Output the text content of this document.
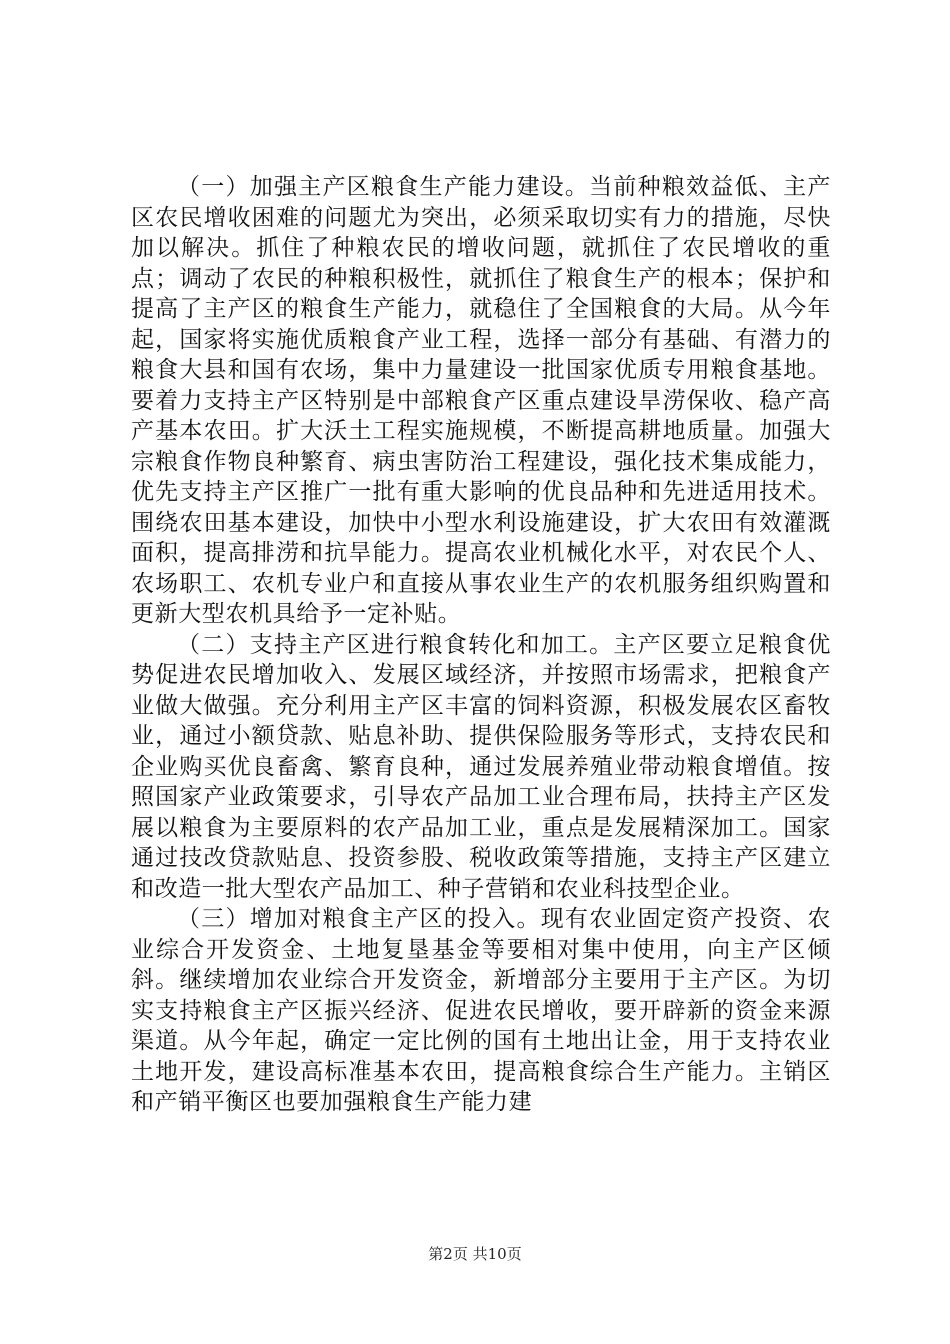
（一）加强主产区粮食生产能力建设。当前种粮效益低、主产区农民增收困难的问题尤为突出，必须采取切实有力的措施，尽快加以解决。抓住了种粮农民的增收问题，就抓住了农民增收的重点；调动了农民的种粮积极性，就抓住了粮食生产的根本；保护和提高了主产区的粮食生产能力，就稳住了全国粮食的大局。从今年起，国家将实施优质粮食产业工程，选择一部分有基础、有潜力的粮食大县和国有农场，集中力量建设一批国家优质专用粮食基地。要着力支持主产区特别是中部粮食产区重点建设旱涝保收、稳产高产基本农田。扩大沃土工程实施规模，不断提高耕地质量。加强大宗粮食作物良种繁育、病虫害防治工程建设，强化技术集成能力，优先支持主产区推广一批有重大影响的优良品种和先进适用技术。围绕农田基本建设，加快中小型水利设施建设，扩大农田有效灌溉面积，提高排涝和抗旱能力。提高农业机械化水平，对农民个人、农场职工、农机专业户和直接从事农业生产的农机服务组织购置和更新大型农机具给予一定补贴。

（二）支持主产区进行粮食转化和加工。主产区要立足粮食优势促进农民增加收入、发展区域经济，并按照市场需求，把粮食产业做大做强。充分利用主产区丰富的饲料资源，积极发展农区畜牧业，通过小额贷款、贴息补助、提供保险服务等形式，支持农民和企业购买优良畜禽、繁育良种，通过发展养殖业带动粮食增值。按照国家产业政策要求，引导农产品加工业合理布局，扶持主产区发展以粮食为主要原料的农产品加工业，重点是发展精深加工。国家通过技改贷款贴息、投资参股、税收政策等措施，支持主产区建立和改造一批大型农产品加工、种子营销和农业科技型企业。

（三）增加对粮食主产区的投入。现有农业固定资产投资、农业综合开发资金、土地复垦基金等要相对集中使用，向主产区倾斜。继续增加农业综合开发资金，新增部分主要用于主产区。为切实支持粮食主产区振兴经济、促进农民增收，要开辟新的资金来源渠道。从今年起，确定一定比例的国有土地出让金，用于支持农业土地开发，建设高标准基本农田，提高粮食综合生产能力。主销区和产销平衡区也要加强粮食生产能力建

第2页 共10页
